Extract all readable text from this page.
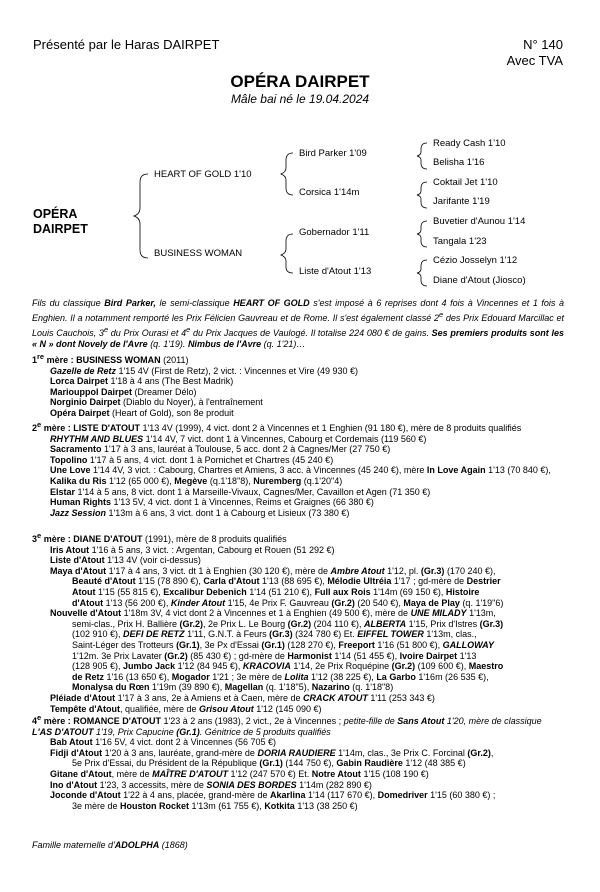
Présenté par le Haras DAIRPET	N° 140
Avec TVA
OPÉRA DAIRPET
Mâle bai né le 19.04.2024
OPÉRA
DAIRPET
HEART OF GOLD 1'10
BUSINESS WOMAN
Bird Parker 1'09
Corsica 1'14m
Gobernador 1'11
Liste d'Atout 1'13
Ready Cash 1'10
Belisha 1'16
Coktail Jet 1'10
Jarifante 1'19
Buvetier d'Aunou 1'14
Tangala 1'23
Cézio Josselyn 1'12
Diane d'Atout (Jiosco)
Fils du classique Bird Parker, le semi-classique HEART OF GOLD s'est imposé à 6 reprises dont 4 fois à Vincennes et 1 fois à Enghien. Il a notamment remporté les Prix Félicien Gauvreau et de Rome. Il s'est également classé 2e des Prix Edouard Marcillac et Louis Cauchois, 3e du Prix Ourasi et 4e du Prix Jacques de Vaulogé. Il totalise 224 080 € de gains. Ses premiers produits sont les « N » dont Novely de l'Avre (q. 1'19). Nimbus de l'Avre (q. 1'21)…

1re mère : BUSINESS WOMAN (2011)

Gazelle de Retz 1'15 4V (First de Retz), 2 vict. : Vincennes et Vire (49 930 €)

Lorca Dairpet 1'18 à 4 ans (The Best Madrik)

Mariouppol Dairpet (Dreamer Délo)

Norginio Dairpet (Diablo du Noyer), à l'entraînement

Opéra Dairpet (Heart of Gold), son 8e produit

2e mère : LISTE D'ATOUT 1'13 4V (1999), 4 vict. dont 2 à Vincennes et 1 Enghien (91 180 €), mère de 8 produits qualifiés

RHYTHM AND BLUES 1'14 4V, 7 vict. dont 1 à Vincennes, Cabourg et Cordemais (119 560 €)

Sacramento 1'17 à 3 ans, lauréat à Toulouse, 5 acc. dont 2 à Cagnes/Mer (27 750 €)

Topolino 1'17 à 5 ans, 4 vict. dont 1 à Pornichet et Chartres (45 240 €)

Une Love 1'14 4V, 3 vict. : Cabourg, Chartres et Amiens, 3 acc. à Vincennes (45 240 €), mère In Love Again 1'13 (70 840 €), Kalika du Ris 1'12 (65 000 €), Megève (q.1'18"8), Nuremberg (q.1'20"4)

Elstar 1'14 à 5 ans, 8 vict. dont 1 à Marseille-Vivaux, Cagnes/Mer, Cavaillon et Agen (71 350 €)

Human Rights 1'13 5V, 4 vict. dont 1 à Vincennes, Reims et Graignes (66 380 €)

Jazz Session 1'13m à 6 ans, 3 vict. dont 1 à Cabourg et Lisieux (73 380 €)

3e mère : DIANE D'ATOUT (1991), mère de 8 produits qualifiés

Iris Atout 1'16 à 5 ans, 3 vict. : Argentan, Cabourg et Rouen (51 292 €)

Liste d'Atout 1'13 4V (voir ci-dessus)

Maya d'Atout 1'17 à 4 ans, 3 vict. dt 1 à Enghien (30 120 €), mère de Ambre Atout 1'12, pl. (Gr.3) (170 240 €),

Beauté d'Atout 1'15 (78 890 €), Carla d'Atout 1'13 (88 695 €), Mélodie Ultréia 1'17 ; gd-mère de Destrier

Atout 1'15 (55 815 €), Excalibur Debenich 1'14 (51 210 €), Full aux Rois 1'14m (69 150 €), Histoire

d'Atout 1'13 (56 200 €), Kinder Atout 1'15, 4e Prix F. Gauvreau (Gr.2) (20 540 €), Maya de Play (q. 1'19"6)

Nouvelle d'Atout 1'18m 3V, 4 vict dont 2 à Vincennes et 1 à Enghien (49 500 €), mère de UNE MILADY 1'13m,

semi-clas., Prix H. Ballière (Gr.2), 2e Prix L. Le Bourg (Gr.2) (204 110 €), ALBERTA 1'15, Prix d'Istres (Gr.3)

(102 910 €), DEFI DE RETZ 1'11, G.N.T. à Feurs (Gr.3) (324 780 €) Et. EIFFEL TOWER 1'13m, clas.,

Saint-Léger des Trotteurs (Gr.1), 3e Px d'Essai (Gr.1) (128 270 €), Freeport 1'16 (51 800 €), GALLOWAY

1'12m. 3e Prix Lavater (Gr.2) (85 430 €) ; gd-mère de Harmonist 1'14 (51 455 €), Ivoire Dairpet 1'13

(128 905 €), Jumbo Jack 1'12 (84 945 €), KRACOVIA 1'14, 2e Prix Roquépine (Gr.2) (109 600 €), Maestro

de Retz 1'16 (13 650 €), Mogador 1'21 ; 3e mère de Lolita 1'12 (38 225 €), La Garbo 1'16m (26 535 €),

Monalysa du Rœn 1'19m (39 890 €), Magellan (q. 1'18"5), Nazarino (q. 1'18"8)

Pléiade d'Atout 1'17 à 3 ans, 2e à Amiens et à Caen, mère de CRACK ATOUT 1'11 (253 343 €)

Tempête d'Atout, qualifiée, mère de Grisou Atout 1'12 (145 090 €)

4e mère : ROMANCE D'ATOUT 1'23 à 2 ans (1983), 2 vict., 2e à Vincennes ; petite-fille de Sans Atout 1'20, mère de classique L'AS D'ATOUT 1'19, Prix Capucine (Gr.1). Génitrice de 5 produits qualifiés

Bab Atout 1'16 5V, 4 vict. dont 2 à Vincennes (56 705 €)

Fidji d'Atout 1'20 à 3 ans, lauréate, grand-mère de DORIA RAUDIERE 1'14m, clas., 3e Prix C. Forcinal (Gr.2),

5e Prix d'Essai, du Président de la République (Gr.1) (144 750 €), Gabin Raudière 1'12 (48 385 €)

Gitane d'Atout, mère de MAÎTRE D'ATOUT 1'12 (247 570 €) Et. Notre Atout 1'15 (108 190 €)

Ino d'Atout 1'23, 3 accessits, mère de SONIA DES BORDES 1'14m (282 890 €)

Joconde d'Atout 1'22 à 4 ans, placée, grand-mère de Akarlina 1'14 (117 670 €), Domedriver 1'15 (60 380 €) ;

3e mère de Houston Rocket 1'13m (61 755 €), Kotkita 1'13 (38 250 €)

Famille maternelle d'ADOLPHA (1868)
